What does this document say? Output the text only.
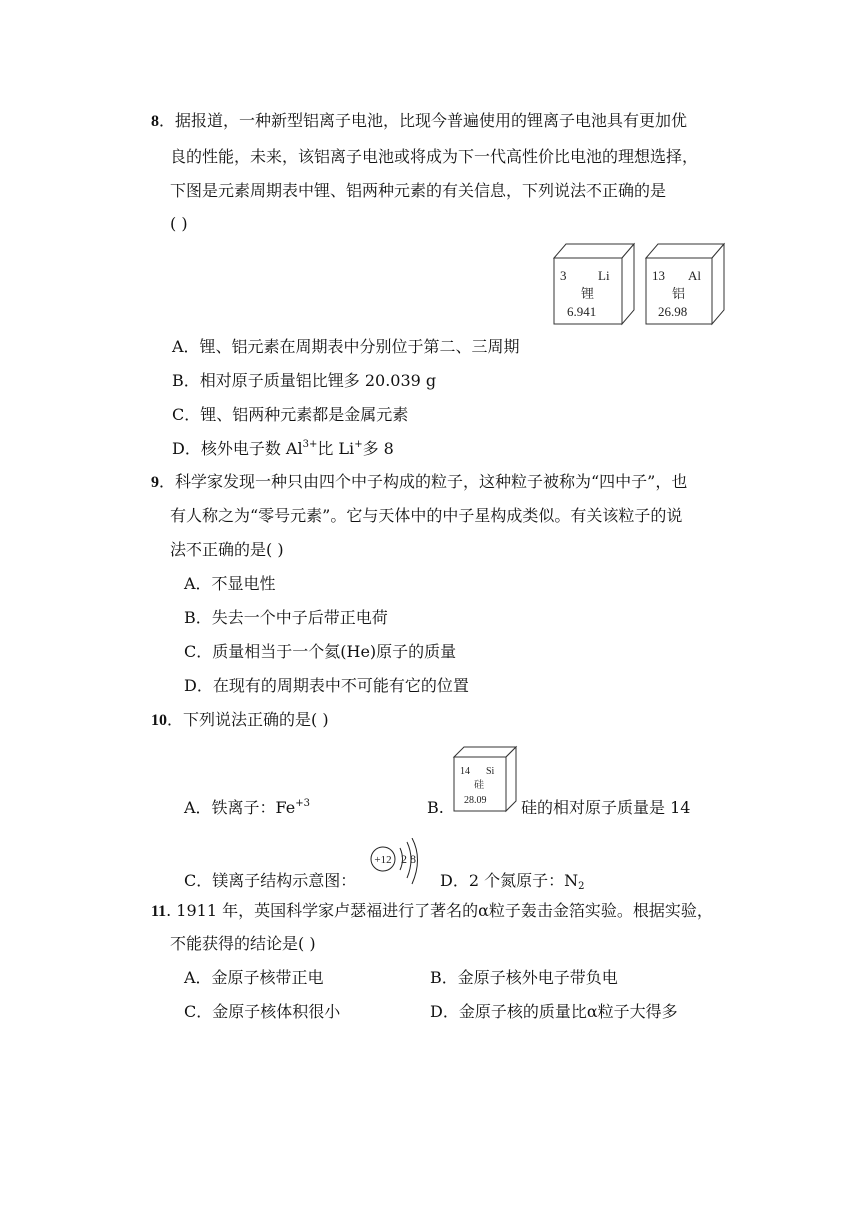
8．据报道，一种新型铝离子电池，比现今普遍使用的锂离子电池具有更加优
良的性能，未来，该铝离子电池或将成为下一代高性价比电池的理想选择，
下图是元素周期表中锂、铝两种元素的有关信息，下列说法不正确的是
( )
3 Li
锂
6.941
13 Al
铝
26.98
A．锂、铝元素在周期表中分别位于第二、三周期
B．相对原子质量铝比锂多 20.039 g
C．锂、铝两种元素都是金属元素
D．核外电子数 $Al^{3+}$比 Li+多 8
9．科学家发现一种只由四个中子构成的粒子，这种粒子被称为“四中子”，也
有人称之为“零号元素”。它与天体中的中子星构成类似。有关该粒子的说
法不正确的是( )
A．不显电性
B．失去一个中子后带正电荷
C．质量相当于一个氦(He)原子的质量
D．在现有的周期表中不可能有它的位置
10．下列说法正确的是( )
A．铁离子：$Fe^{+3}$	B.
14 Si
硅
28.09 硅的相对原子质量是 14
C．镁离子结构示意图：
+12 2 8
D．2 个氮原子：$N_2$
11. 1911 年，英国科学家卢瑟福进行了著名的α粒子轰击金箔实验。根据实验，
不能获得的结论是( )
A．金原子核带正电	B．金原子核外电子带负电
C．金原子核体积很小	D．金原子核的质量比α粒子大得多
